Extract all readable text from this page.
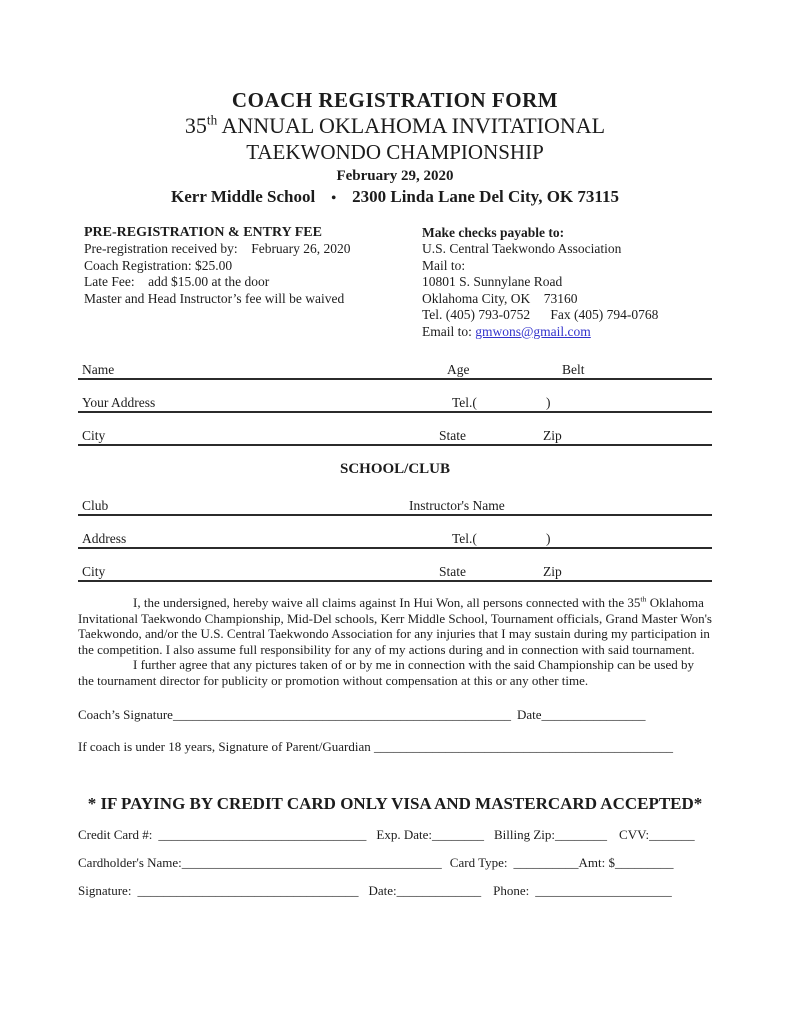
COACH REGISTRATION FORM
35th ANNUAL OKLAHOMA INVITATIONAL
TAEKWONDO CHAMPIONSHIP
February 29, 2020
Kerr Middle School • 2300 Linda Lane Del City, OK 73115
PRE-REGISTRATION & ENTRY FEE
Pre-registration received by:    February 26, 2020
Coach Registration: $25.00
Late Fee:    add $15.00 at the door
Master and Head Instructor’s fee will be waived
Make checks payable to:
U.S. Central Taekwondo Association
Mail to:
10801 S. Sunnylane Road
Oklahoma City, OK    73160
Tel. (405) 793-0752      Fax (405) 794-0768
Email to: gmwons@gmail.com
Name	Age	Belt
Your Address	Tel.(	)
City	State	Zip
SCHOOL/CLUB
Club	Instructor's Name
Address	Tel.(	)
City	State	Zip

I, the undersigned, hereby waive all claims against In Hui Won, all persons connected with the 35th Oklahoma Invitational Taekwondo Championship, Mid-Del schools, Kerr Middle School, Tournament officials, Grand Master Won's Taekwondo, and/or the U.S. Central Taekwondo Association for any injuries that I may sustain during my participation in the competition. I also assume full responsibility for any of my actions during and in connection with said tournament.

I further agree that any pictures taken of or by me in connection with the said Championship can be used by the tournament director for publicity or promotion without compensation at this or any other time.

Coach’s Signature____________________________________________________ Date________________
If coach is under 18 years, Signature of Parent/Guardian ______________________________________________
* IF PAYING BY CREDIT CARD ONLY VISA AND MASTERCARD ACCEPTED*
Credit Card #: ________________________________ Exp. Date:________ Billing Zip:________ CVV:_______
Cardholder's Name:________________________________________ Card Type: __________Amt: $_________
Signature: __________________________________ Date:_____________ Phone: _____________________
